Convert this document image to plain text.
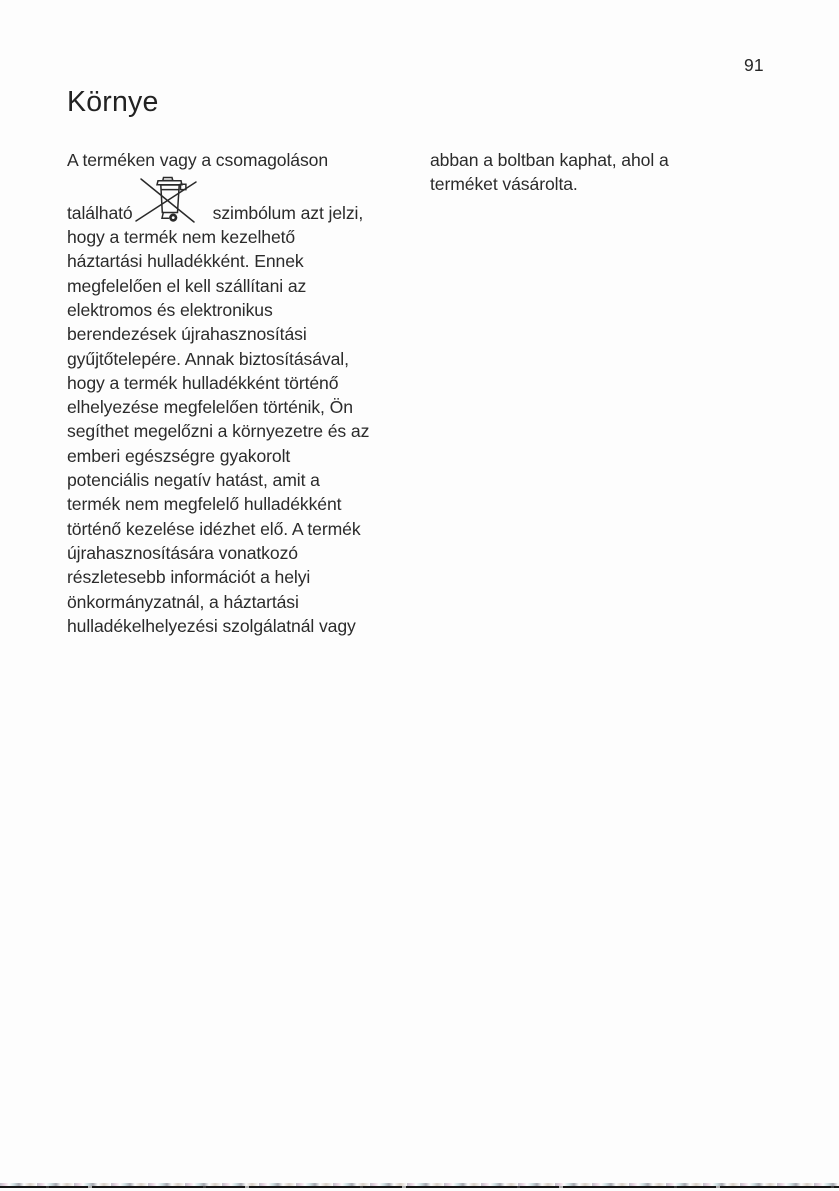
91
Környe
A terméken vagy a csomagoláson
található	szimbólum azt jelzi,
hogy a termék nem kezelhető
háztartási hulladékként. Ennek
megfelelően el kell szállítani az
elektromos és elektronikus
berendezések újrahasznosítási
gyűjtőtelepére. Annak biztosításával,
hogy a termék hulladékként történő
elhelyezése megfelelően történik, Ön
segíthet megelőzni a környezetre és az
emberi egészségre gyakorolt
potenciális negatív hatást, amit a
termék nem megfelelő hulladékként
történő kezelése idézhet elő. A termék
újrahasznosítására vonatkozó
részletesebb információt a helyi
önkormányzatnál, a háztartási
hulladékelhelyezési szolgálatnál vagy
abban a boltban kaphat, ahol a
terméket vásárolta.
